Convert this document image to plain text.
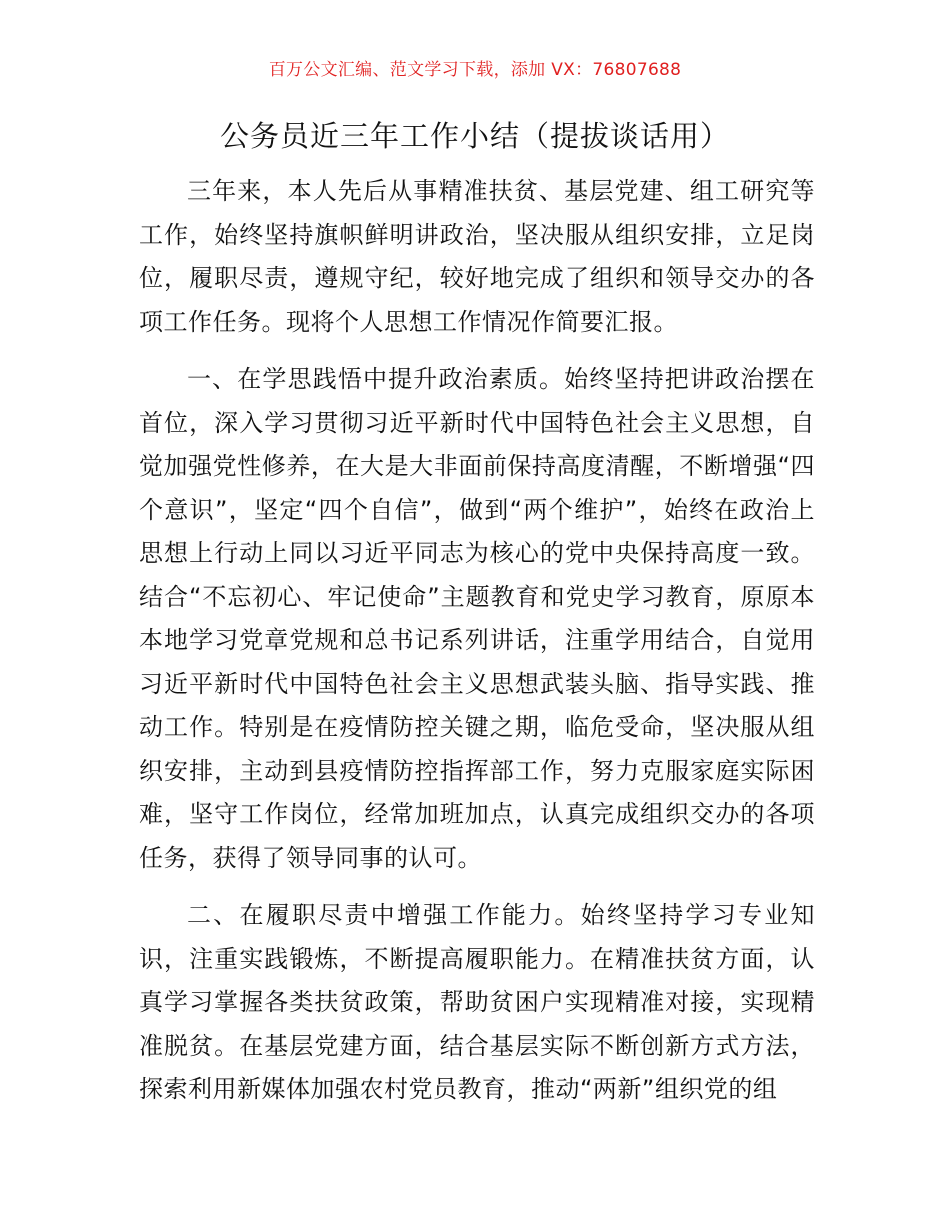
百万公文汇编、范文学习下载，添加 VX：76807688
公务员近三年工作小结（提拔谈话用）

三年来，本人先后从事精准扶贫、基层党建、组工研究等工作，始终坚持旗帜鲜明讲政治，坚决服从组织安排，立足岗位，履职尽责，遵规守纪，较好地完成了组织和领导交办的各项工作任务。现将个人思想工作情况作简要汇报。

一、在学思践悟中提升政治素质。始终坚持把讲政治摆在首位，深入学习贯彻习近平新时代中国特色社会主义思想，自觉加强党性修养，在大是大非面前保持高度清醒，不断增强“四个意识”，坚定“四个自信”，做到“两个维护”，始终在政治上思想上行动上同以习近平同志为核心的党中央保持高度一致。结合“不忘初心、牢记使命”主题教育和党史学习教育，原原本本地学习党章党规和总书记系列讲话，注重学用结合，自觉用习近平新时代中国特色社会主义思想武装头脑、指导实践、推动工作。特别是在疫情防控关键之期，临危受命，坚决服从组织安排，主动到县疫情防控指挥部工作，努力克服家庭实际困难，坚守工作岗位，经常加班加点，认真完成组织交办的各项任务，获得了领导同事的认可。

二、在履职尽责中增强工作能力。始终坚持学习专业知识，注重实践锻炼，不断提高履职能力。在精准扶贫方面，认真学习掌握各类扶贫政策，帮助贫困户实现精准对接，实现精准脱贫。在基层党建方面，结合基层实际不断创新方式方法，探索利用新媒体加强农村党员教育，推动“两新”组织党的组
